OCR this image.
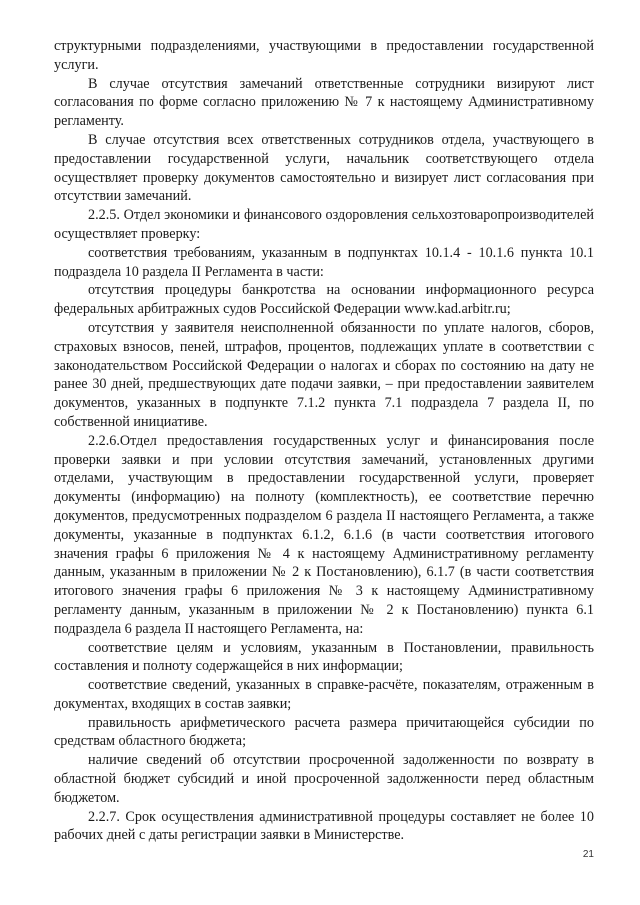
структурными подразделениями, участвующими в предоставлении государственной услуги.

В случае отсутствия замечаний ответственные сотрудники визируют лист согласования по форме согласно приложению № 7 к настоящему Административному регламенту.

В случае отсутствия всех ответственных сотрудников отдела, участвующего в предоставлении государственной услуги, начальник соответствующего отдела осуществляет проверку документов самостоятельно и визирует лист согласования при отсутствии замечаний.

2.2.5. Отдел экономики и финансового оздоровления сельхозтоваропроизводителей осуществляет проверку:

соответствия требованиям, указанным в подпунктах 10.1.4 - 10.1.6 пункта 10.1 подраздела 10 раздела II Регламента в части:

отсутствия процедуры банкротства на основании информационного ресурса федеральных арбитражных судов Российской Федерации www.kad.arbitr.ru;

отсутствия у заявителя неисполненной обязанности по уплате налогов, сборов, страховых взносов, пеней, штрафов, процентов, подлежащих уплате в соответствии с законодательством Российской Федерации о налогах и сборах по состоянию на дату не ранее 30 дней, предшествующих дате подачи заявки, – при предоставлении заявителем документов, указанных в подпункте 7.1.2 пункта 7.1 подраздела 7 раздела II, по собственной инициативе.

2.2.6.Отдел предоставления государственных услуг и финансирования после проверки заявки и при условии отсутствия замечаний, установленных другими отделами, участвующим в предоставлении государственной услуги, проверяет документы (информацию) на полноту (комплектность), ее соответствие перечню документов, предусмотренных подразделом 6 раздела II настоящего Регламента, а также документы, указанные в подпунктах 6.1.2, 6.1.6 (в части соответствия итогового значения графы 6 приложения № 4 к настоящему Административному регламенту данным, указанным в приложении № 2 к Постановлению), 6.1.7 (в части соответствия итогового значения графы 6 приложения № 3 к настоящему Административному регламенту данным, указанным в приложении № 2 к Постановлению) пункта 6.1 подраздела 6 раздела II настоящего Регламента, на:

соответствие целям и условиям, указанным в Постановлении, правильность составления и полноту содержащейся в них информации;

соответствие сведений, указанных в справке-расчёте, показателям, отраженным в документах, входящих в состав заявки;

правильность арифметического расчета размера причитающейся субсидии по средствам областного бюджета;

наличие сведений об отсутствии просроченной задолженности по возврату в областной бюджет субсидий и иной просроченной задолженности перед областным бюджетом.

2.2.7. Срок осуществления административной процедуры составляет не более 10 рабочих дней с даты регистрации заявки в Министерстве.

21
